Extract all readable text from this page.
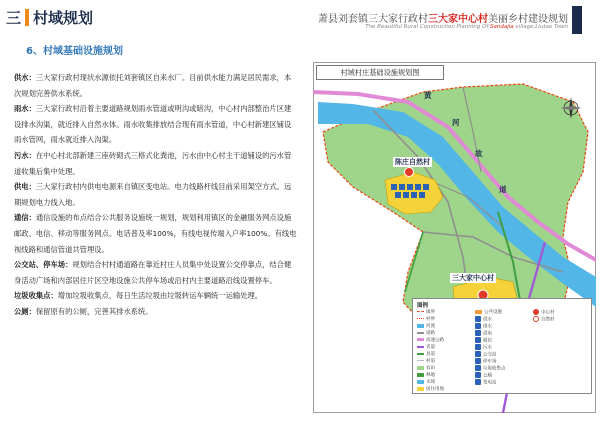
三 村域规划	萧县刘套镇三大家行政村三大家中心村美丽乡村建设规划
The Beautiful Rural Construction Planning Of Sandajia village,Liutao Town
6、村域基础设施规划

供水：三大家行政村现状水源依托刘套镇区自来水厂。目前供水能力满足居民需求，本次规划完善供水系统。

雨水：三大家行政村沿着主要道路规划雨水管道或明沟或暗沟，中心村内部整治片区建设排水沟渠，就近排入自然水体。雨水收集排放结合现有雨水管道，中心村新建区铺设雨水管网，雨水就近排入沟渠。

污水：在中心村北部新建三座砖砌式三格式化粪池，污水由中心村主干道铺设的污水管道收集后集中处理。

供电：三大家行政村内供电电源来自镇区变电站。电力线路杆线目前采用架空方式。远期规划电力线入地。

通信：通信设施的布点结合公共服务设施统一规划，规划利用镇区的金融服务网点设施邮政、电信、移动等服务网点。电话普及率100%，有线电视传端入户率100%。有线电视线路和通信管道共管埋设。

公交站、停车场：规划结合村村通道路在靠近村庄人员集中处设置公交停靠点，结合健身活动广场和内部居住片区空地设施公共停车场或沿村内主要道路沿线设置停车。

垃圾收集点：增加垃圾收集点，每日生活垃圾由垃圾转运车辆统一运输处理。

公厕：保留原有的公厕，完善其排水系统。

村域村庄基础设施规划图
陈庄自然村
三大家中心村
黄
河
故
道
图例
镇界
村界
河流
道路
高速公路
省道
县道
村道
农田
林地
水域
居住用地
公共设施
供水
排水
供电
通信
污水
公交站
停车场
垃圾收集点
公厕
变电站
中心村
自然村
